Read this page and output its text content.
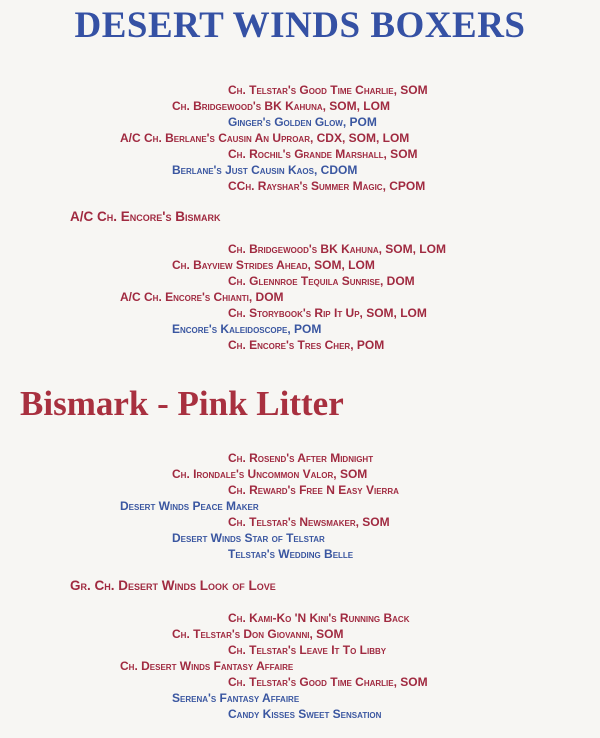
DESERT WINDS BOXERS
Ch. Telstar's Good Time Charlie, SOM
Ch. Bridgewood's BK Kahuna, SOM, LOM
Ginger's Golden Glow, POM
A/C Ch. Berlane's Causin An Uproar, CDX, SOM, LOM
Ch. Rochil's Grande Marshall, SOM
Berlane's Just Causin Kaos, CDOM
CCh. Rayshar's Summer Magic, CPOM
A/C Ch. Encore's Bismark
Ch. Bridgewood's BK Kahuna, SOM, LOM
Ch. Bayview Strides Ahead, SOM, LOM
Ch. Glennroe Tequila Sunrise, DOM
A/C Ch. Encore's Chianti, DOM
Ch. Storybook's Rip It Up, SOM, LOM
Encore's Kaleidoscope, POM
Ch. Encore's Tres Cher, POM
Bismark - Pink Litter
Ch. Rosend's After Midnight
Ch. Irondale's Uncommon Valor, SOM
Ch. Reward's Free N Easy Vierra
Desert Winds Peace Maker
Ch. Telstar's Newsmaker, SOM
Desert Winds Star of Telstar
Telstar's Wedding Belle
Gr. Ch. Desert Winds Look of Love
Ch. Kami-Ko 'N Kini's Running Back
Ch. Telstar's Don Giovanni, SOM
Ch. Telstar's Leave It To Libby
Ch. Desert Winds Fantasy Affaire
Ch. Telstar's Good Time Charlie, SOM
Serena's Fantasy Affaire
Candy Kisses Sweet Sensation
